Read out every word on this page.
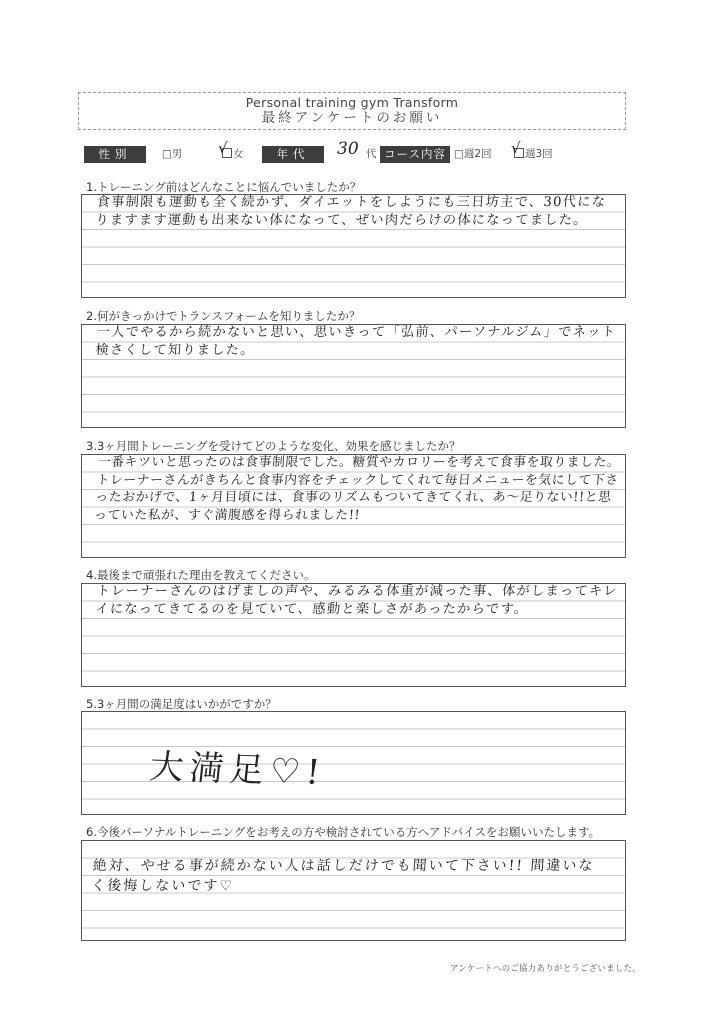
Personal training gym Transform
最終アンケートのお願い
性別	□男	女
√	年代	30 代 コース内容 □週2回	週3回
√
1.トレーニング前はどんなことに悩んでいましたか？
食事制限も運動も全く続かず、ダイエットをしようにも三日坊主で、30代になりますます運動も出来ない体になって、ぜい肉だらけの体になってました。
2.何がきっかけでトランスフォームを知りましたか？
一人でやるから続かないと思い、思いきって「弘前、パーソナルジム」でネット検さくして知りました。
3.3ヶ月間トレーニングを受けてどのような変化、効果を感じましたか？
一番キツいと思ったのは食事制限でした。糖質やカロリーを考えて食事を取りました。トレーナーさんがきちんと食事内容をチェックしてくれて毎日メニューを気にして下さったおかげで、1ヶ月目頃には、食事のリズムもついてきてくれ、あ～足りない!!と思っていた私が、すぐ満腹感を得られました!!
4.最後まで頑張れた理由を教えてください。
トレーナーさんのはげましの声や、みるみる体重が減った事、体がしまってキレイになってきてるのを見ていて、感動と楽しさがあったからです。
5.3ヶ月間の満足度はいかがですか？
大満足♡!
6.今後パーソナルトレーニングをお考えの方や検討されている方へアドバイスをお願いいたします。
絶対、やせる事が続かない人は話しだけでも聞いて下さい!! 間違いなく後悔しないです♡
アンケートへのご協力ありがとうございました。
